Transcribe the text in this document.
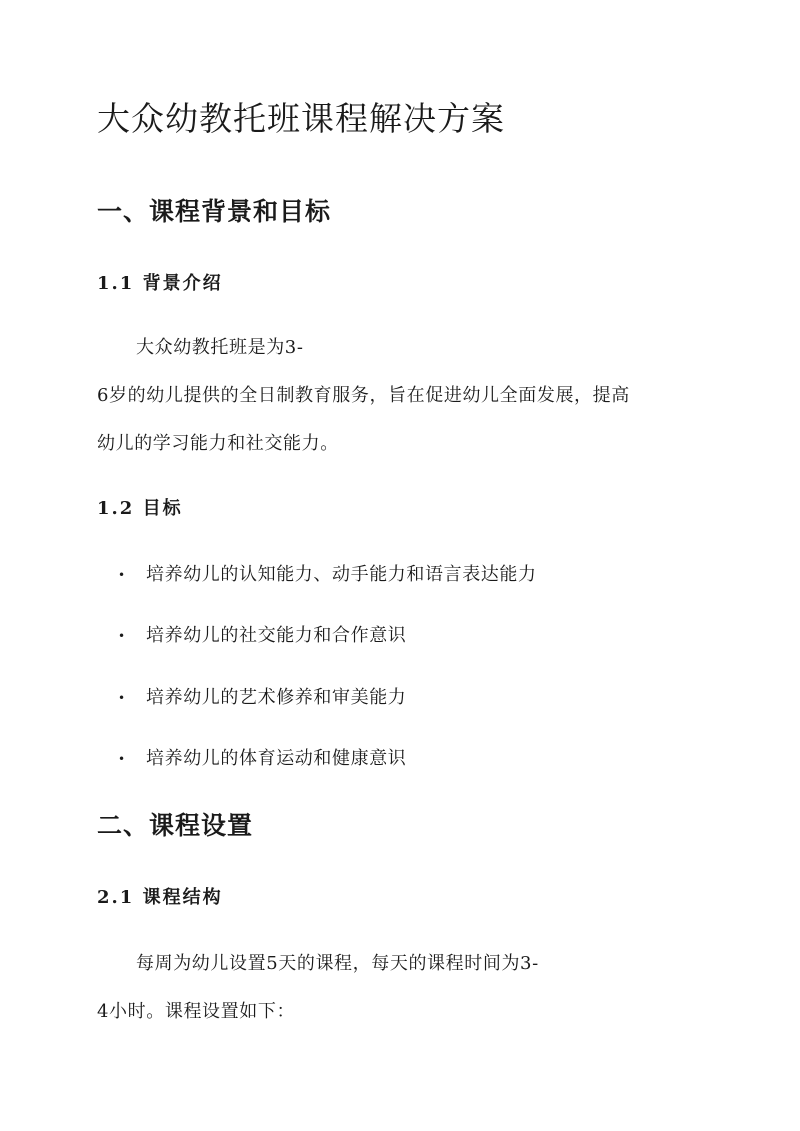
大众幼教托班课程解决方案
一、课程背景和目标
1.1 背景介绍

大众幼教托班是为3-

6岁的幼儿提供的全日制教育服务，旨在促进幼儿全面发展，提高

幼儿的学习能力和社交能力。

1.2 目标
• 培养幼儿的认知能力、动手能力和语言表达能力
• 培养幼儿的社交能力和合作意识
• 培养幼儿的艺术修养和审美能力
• 培养幼儿的体育运动和健康意识
二、课程设置
2.1 课程结构

每周为幼儿设置5天的课程，每天的课程时间为3-

4小时。课程设置如下：
